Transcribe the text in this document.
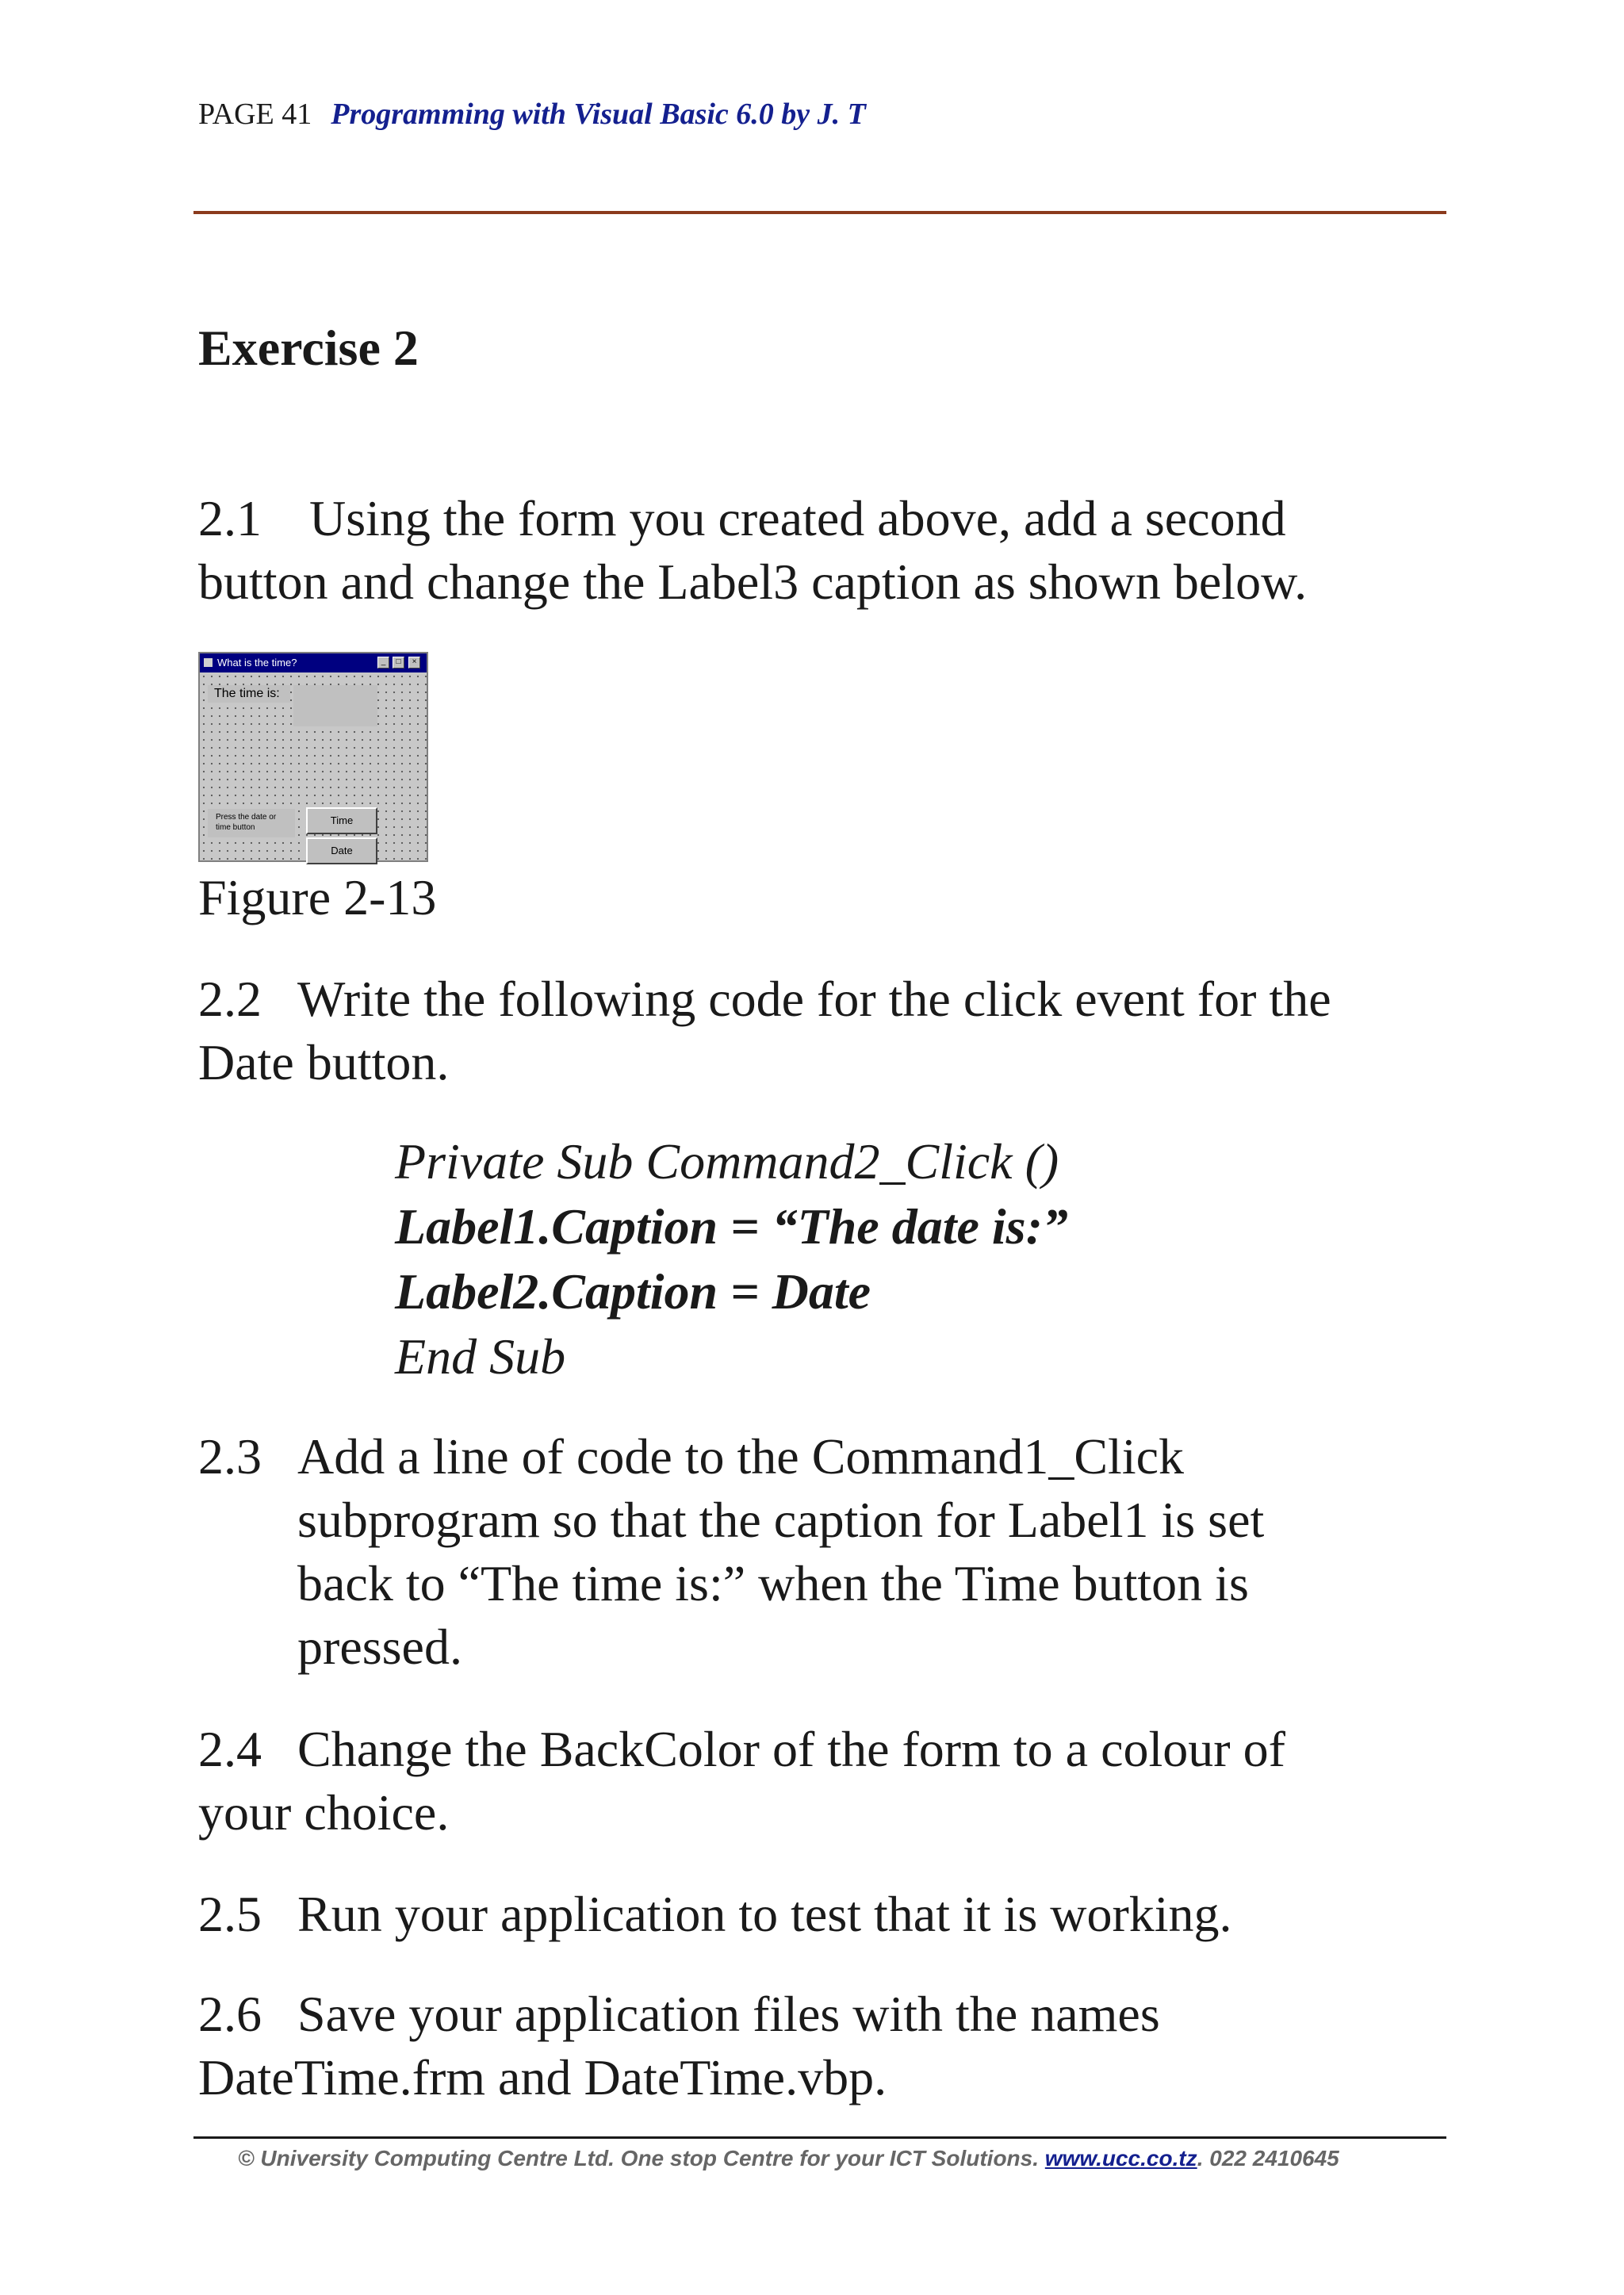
PAGE 41 Programming with Visual Basic 6.0 by J. T
Exercise 2
2.1 Using the form you created above, add a second
button and change the Label3 caption as shown below.
What is the time?	_	□	×
The time is:
Press the date or
time button
Time
Date
Figure 2-13
2.2 Write the following code for the click event for the
Date button.
Private Sub Command2_Click ()
Label1.Caption = “The date is:”
Label2.Caption = Date
End Sub
2.3 Add a line of code to the Command1_Click
subprogram so that the caption for Label1 is set
back to “The time is:” when the Time button is
pressed.
2.4 Change the BackColor of the form to a colour of
your choice.
2.5 Run your application to test that it is working.
2.6 Save your application files with the names
DateTime.frm and DateTime.vbp.
© University Computing Centre Ltd. One stop Centre for your ICT Solutions. www.ucc.co.tz. 022 2410645
